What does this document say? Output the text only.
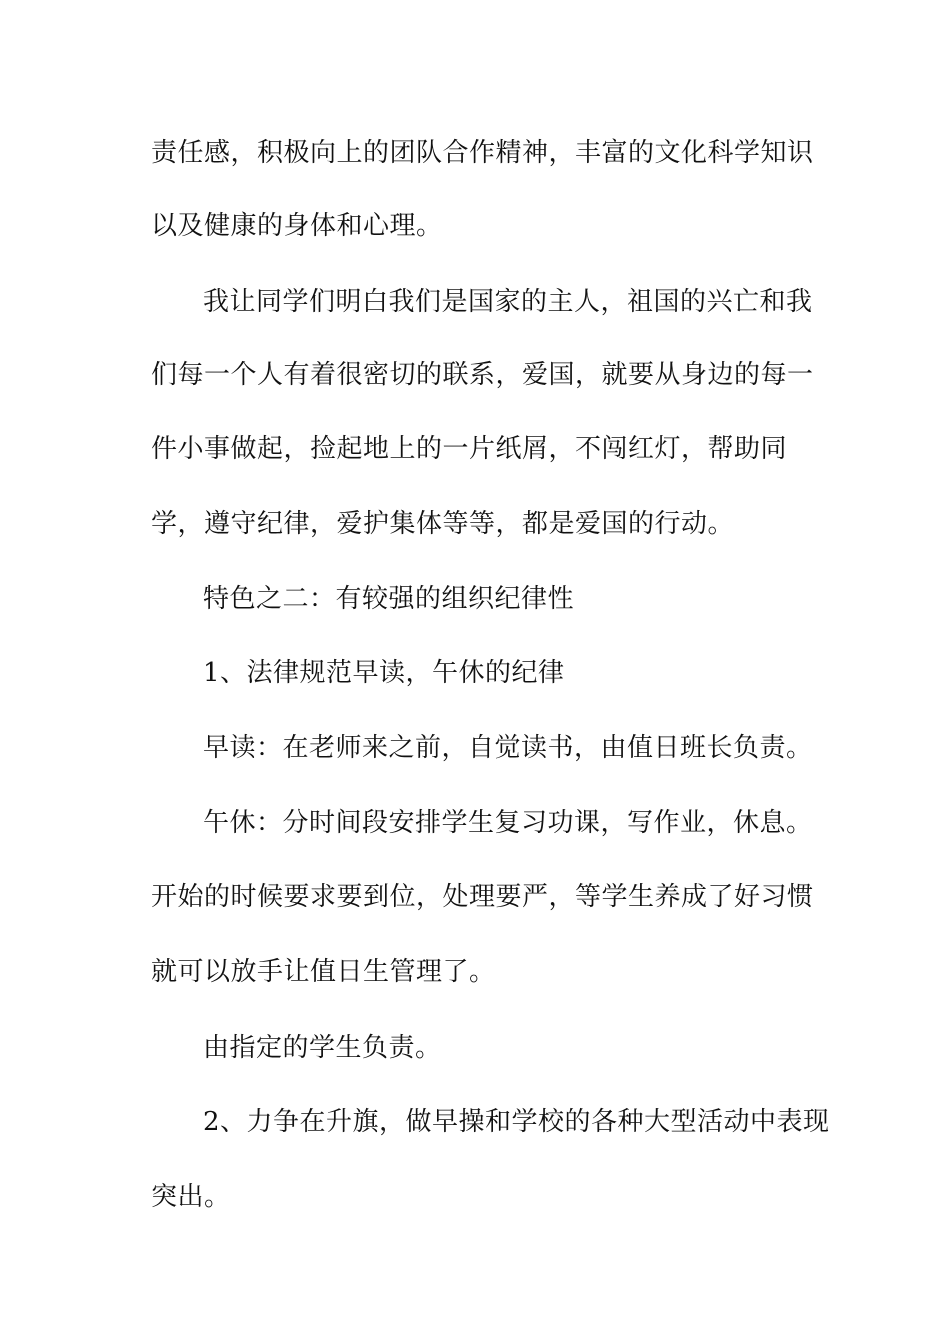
责任感，积极向上的团队合作精神，丰富的文化科学知识
以及健康的身体和心理。
我让同学们明白我们是国家的主人，祖国的兴亡和我
们每一个人有着很密切的联系，爱国，就要从身边的每一
件小事做起，捡起地上的一片纸屑，不闯红灯，帮助同
学，遵守纪律，爱护集体等等，都是爱国的行动。
特色之二：有较强的组织纪律性
1、法律规范早读，午休的纪律
早读：在老师来之前，自觉读书，由值日班长负责。
午休：分时间段安排学生复习功课，写作业，休息。
开始的时候要求要到位，处理要严，等学生养成了好习惯
就可以放手让值日生管理了。
由指定的学生负责。
2、力争在升旗，做早操和学校的各种大型活动中表现
突出。
